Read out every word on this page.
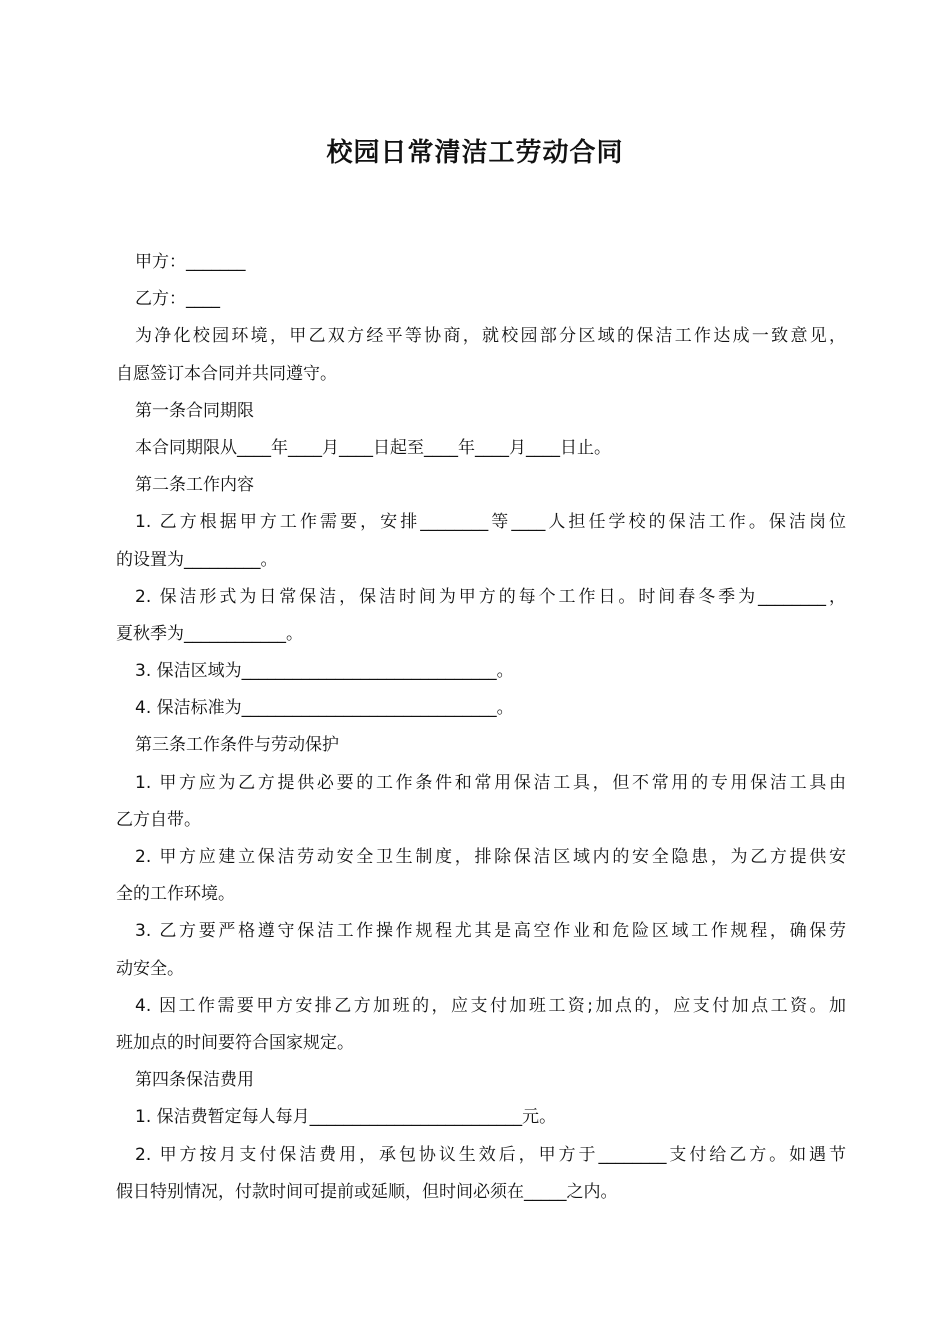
校园日常清洁工劳动合同
甲方：_______
乙方：____
为净化校园环境，甲乙双方经平等协商，就校园部分区域的保洁工作达成一致意见，
自愿签订本合同并共同遵守。
第一条合同期限
本合同期限从____年____月____日起至____年____月____日止。
第二条工作内容
1. 乙方根据甲方工作需要，安排________等____人担任学校的保洁工作。保洁岗位
的设置为_________。
2. 保洁形式为日常保洁，保洁时间为甲方的每个工作日。时间春冬季为________，
夏秋季为____________。
3. 保洁区域为______________________________。
4. 保洁标准为______________________________。
第三条工作条件与劳动保护
1. 甲方应为乙方提供必要的工作条件和常用保洁工具，但不常用的专用保洁工具由
乙方自带。
2. 甲方应建立保洁劳动安全卫生制度，排除保洁区域内的安全隐患，为乙方提供安
全的工作环境。
3. 乙方要严格遵守保洁工作操作规程尤其是高空作业和危险区域工作规程，确保劳
动安全。
4. 因工作需要甲方安排乙方加班的，应支付加班工资;加点的，应支付加点工资。加
班加点的时间要符合国家规定。
第四条保洁费用
1. 保洁费暂定每人每月_________________________元。
2. 甲方按月支付保洁费用，承包协议生效后，甲方于________支付给乙方。如遇节
假日特别情况，付款时间可提前或延顺，但时间必须在_____之内。
